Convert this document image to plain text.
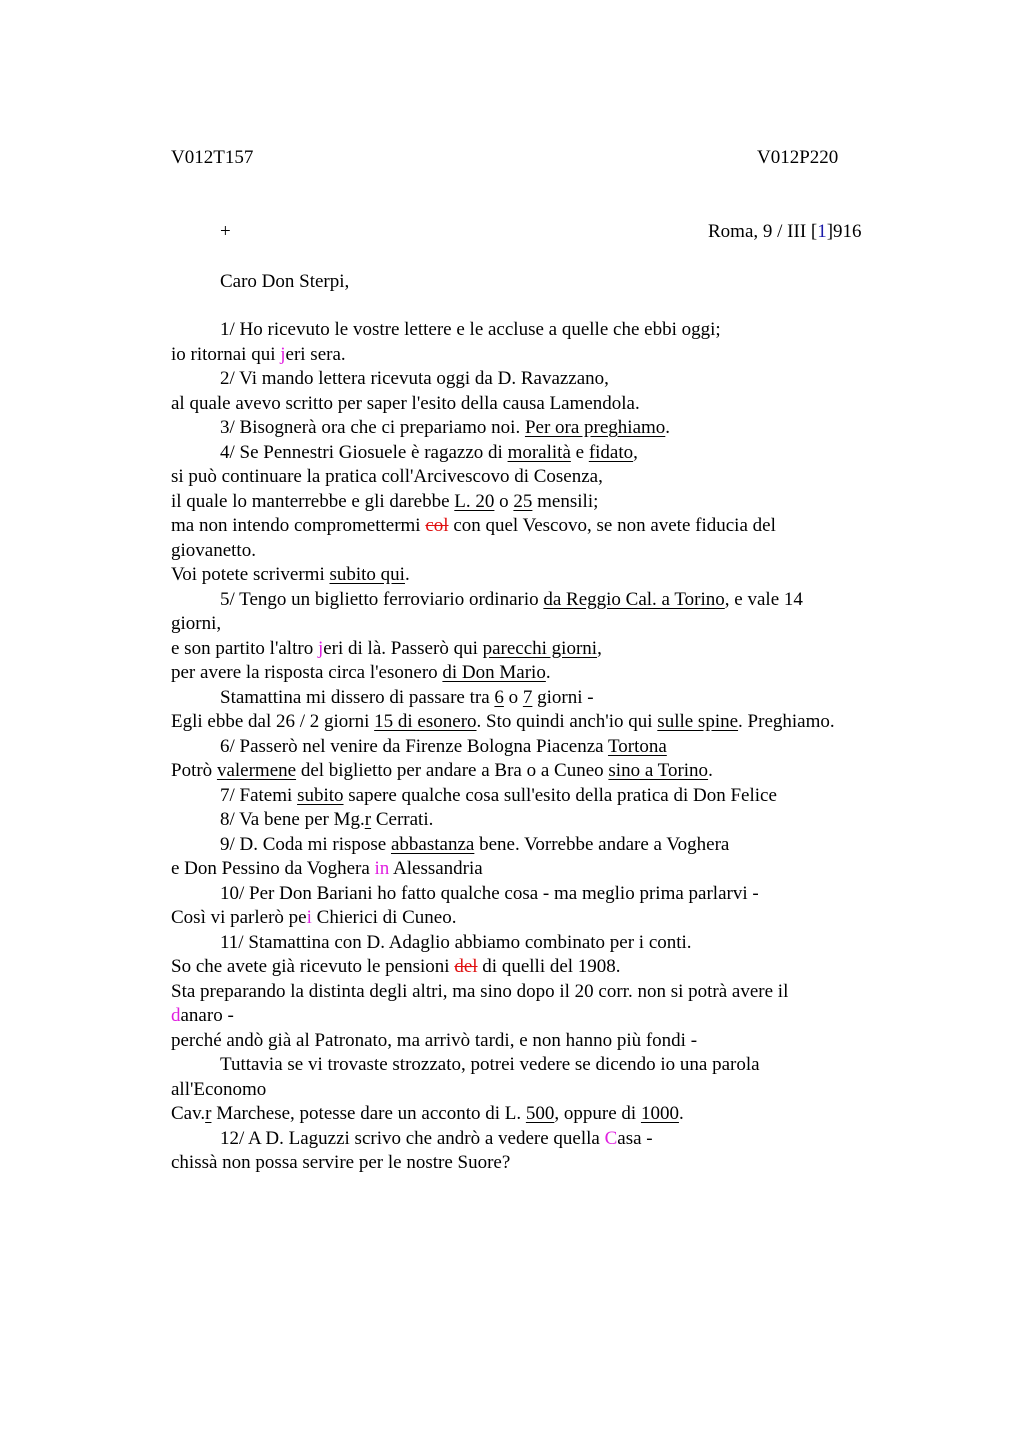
V012T157	V012P220
+	Roma, 9 / III [1]916
Caro Don Sterpi,
1/ Ho ricevuto le vostre lettere e le accluse a quelle che ebbi oggi;
io ritornai qui jeri sera.
2/ Vi mando lettera ricevuta oggi da D. Ravazzano,
al quale avevo scritto per saper l'esito della causa Lamendola.
3/ Bisognerà ora che ci prepariamo noi. Per ora preghiamo.
4/ Se Pennestri Giosuele è ragazzo di moralità e fidato,
si può continuare la pratica coll'Arcivescovo di Cosenza,
il quale lo manterrebbe e gli darebbe L. 20 o 25 mensili;
ma non intendo compromettermi col con quel Vescovo, se non avete fiducia del
giovanetto.
Voi potete scrivermi subito qui.
5/ Tengo un biglietto ferroviario ordinario da Reggio Cal. a Torino, e vale 14
giorni,
e son partito l'altro jeri di là. Passerò qui parecchi giorni,
per avere la risposta circa l'esonero di Don Mario.
Stamattina mi dissero di passare tra 6 o 7 giorni -
Egli ebbe dal 26 / 2 giorni 15 di esonero. Sto quindi anch'io qui sulle spine. Preghiamo.
6/ Passerò nel venire da Firenze Bologna Piacenza Tortona
Potrò valermene del biglietto per andare a Bra o a Cuneo sino a Torino.
7/ Fatemi subito sapere qualche cosa sull'esito della pratica di Don Felice
8/ Va bene per Mg.r Cerrati.
9/ D. Coda mi rispose abbastanza bene. Vorrebbe andare a Voghera
e Don Pessino da Voghera in Alessandria
10/ Per Don Bariani ho fatto qualche cosa - ma meglio prima parlarvi -
Così vi parlerò pei Chierici di Cuneo.
11/ Stamattina con D. Adaglio abbiamo combinato per i conti.
So che avete già ricevuto le pensioni del di quelli del 1908.
Sta preparando la distinta degli altri, ma sino dopo il 20 corr. non si potrà avere il
danaro -
perché andò già al Patronato, ma arrivò tardi, e non hanno più fondi -
Tuttavia se vi trovaste strozzato, potrei vedere se dicendo io una parola
all'Economo
Cav.r Marchese, potesse dare un acconto di L. 500, oppure di 1000.
12/ A D. Laguzzi scrivo che andrò a vedere quella Casa -
chissà non possa servire per le nostre Suore?
